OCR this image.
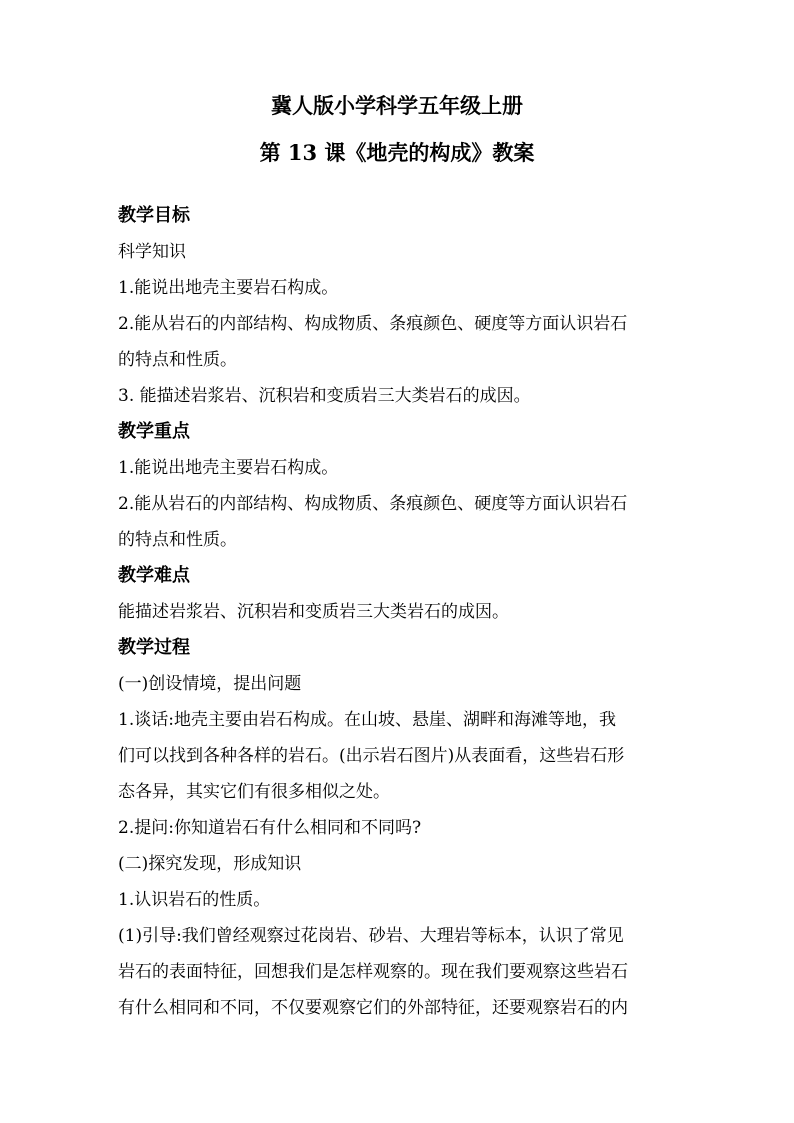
冀人版小学科学五年级上册
第 13 课《地壳的构成》教案
教学目标
科学知识
1.能说出地壳主要岩石构成。
2.能从岩石的内部结构、构成物质、条痕颜色、硬度等方面认识岩石
的特点和性质。
3. 能描述岩浆岩、沉积岩和变质岩三大类岩石的成因。
教学重点
1.能说出地壳主要岩石构成。
2.能从岩石的内部结构、构成物质、条痕颜色、硬度等方面认识岩石
的特点和性质。
教学难点
能描述岩浆岩、沉积岩和变质岩三大类岩石的成因。
教学过程
(一)创设情境，提出问题
1.谈话:地壳主要由岩石构成。在山坡、悬崖、湖畔和海滩等地，我
们可以找到各种各样的岩石。(出示岩石图片)从表面看，这些岩石形
态各异，其实它们有很多相似之处。
2.提问:你知道岩石有什么相同和不同吗?
(二)探究发现，形成知识
1.认识岩石的性质。
(1)引导:我们曾经观察过花岗岩、砂岩、大理岩等标本，认识了常见
岩石的表面特征，回想我们是怎样观察的。现在我们要观察这些岩石
有什么相同和不同，不仅要观察它们的外部特征，还要观察岩石的内
